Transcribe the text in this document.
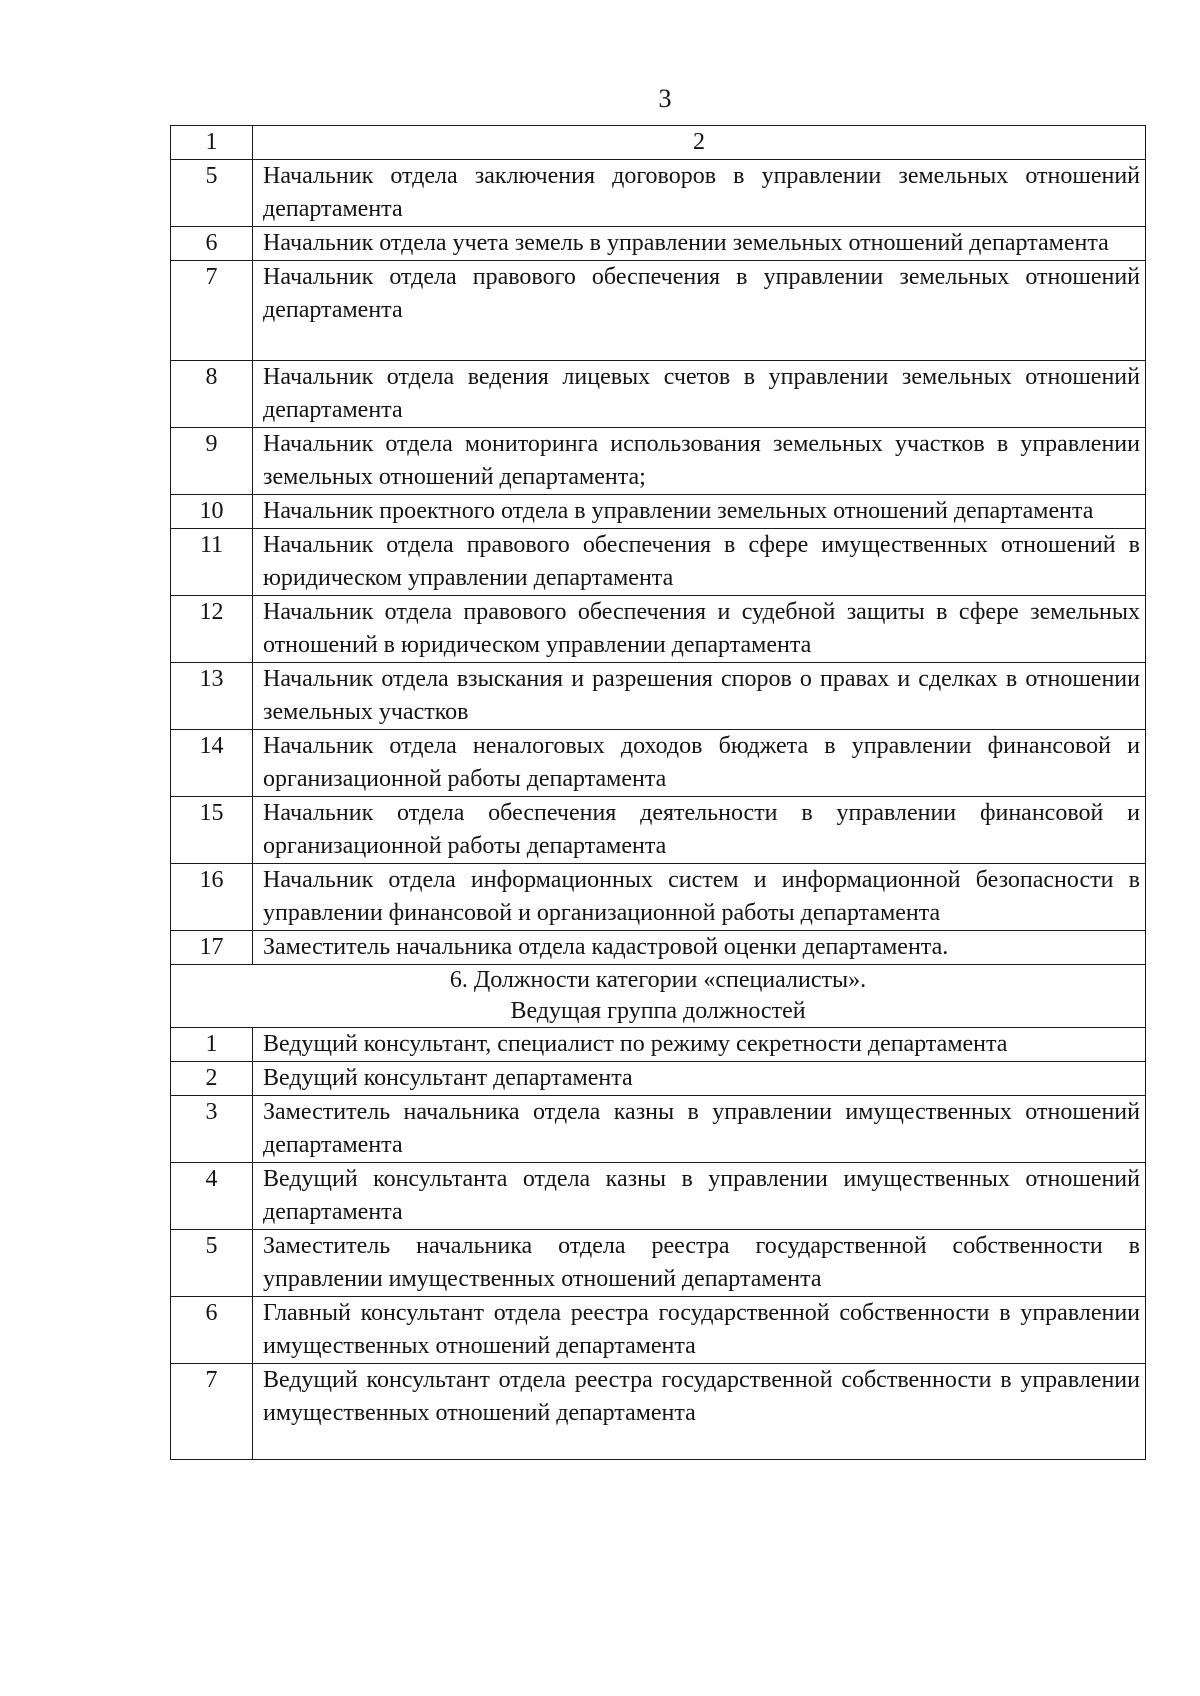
3
1	2
5	Начальник отдела заключения договоров в управлении земельных отношений департамента
6	Начальник отдела учета земель в управлении земельных отношений департамента
7	Начальник отдела правового обеспечения в управлении земельных отношений департамента
8	Начальник отдела ведения лицевых счетов в управлении земельных отношений департамента
9	Начальник отдела мониторинга использования земельных участков в управлении земельных отношений департамента;
10	Начальник проектного отдела в управлении земельных отношений департамента
11	Начальник отдела правового обеспечения в сфере имущественных отношений в юридическом управлении департамента
12	Начальник отдела правового обеспечения и судебной защиты в сфере земельных отношений в юридическом управлении департамента
13	Начальник отдела взыскания и разрешения споров о правах и сделках в отношении земельных участков
14	Начальник отдела неналоговых доходов бюджета в управлении финансовой и организационной работы департамента
15	Начальник отдела обеспечения деятельности в управлении финансовой и организационной работы департамента
16	Начальник отдела информационных систем и информационной безопасности в управлении финансовой и организационной работы департамента
17	Заместитель начальника отдела кадастровой оценки департамента.

6. Должности категории «специалисты».
Ведущая группа должностей	

1	Ведущий консультант, специалист по режиму секретности департамента
2	Ведущий консультант департамента
3	Заместитель начальника отдела казны в управлении имущественных отношений департамента
4	Ведущий консультанта отдела казны в управлении имущественных отношений департамента
5	Заместитель начальника отдела реестра государственной собственности в управлении имущественных отношений департамента
6	Главный консультант отдела реестра государственной собственности в управлении имущественных отношений департамента
7	Ведущий консультант отдела реестра государственной собственности в управлении имущественных отношений департамента
